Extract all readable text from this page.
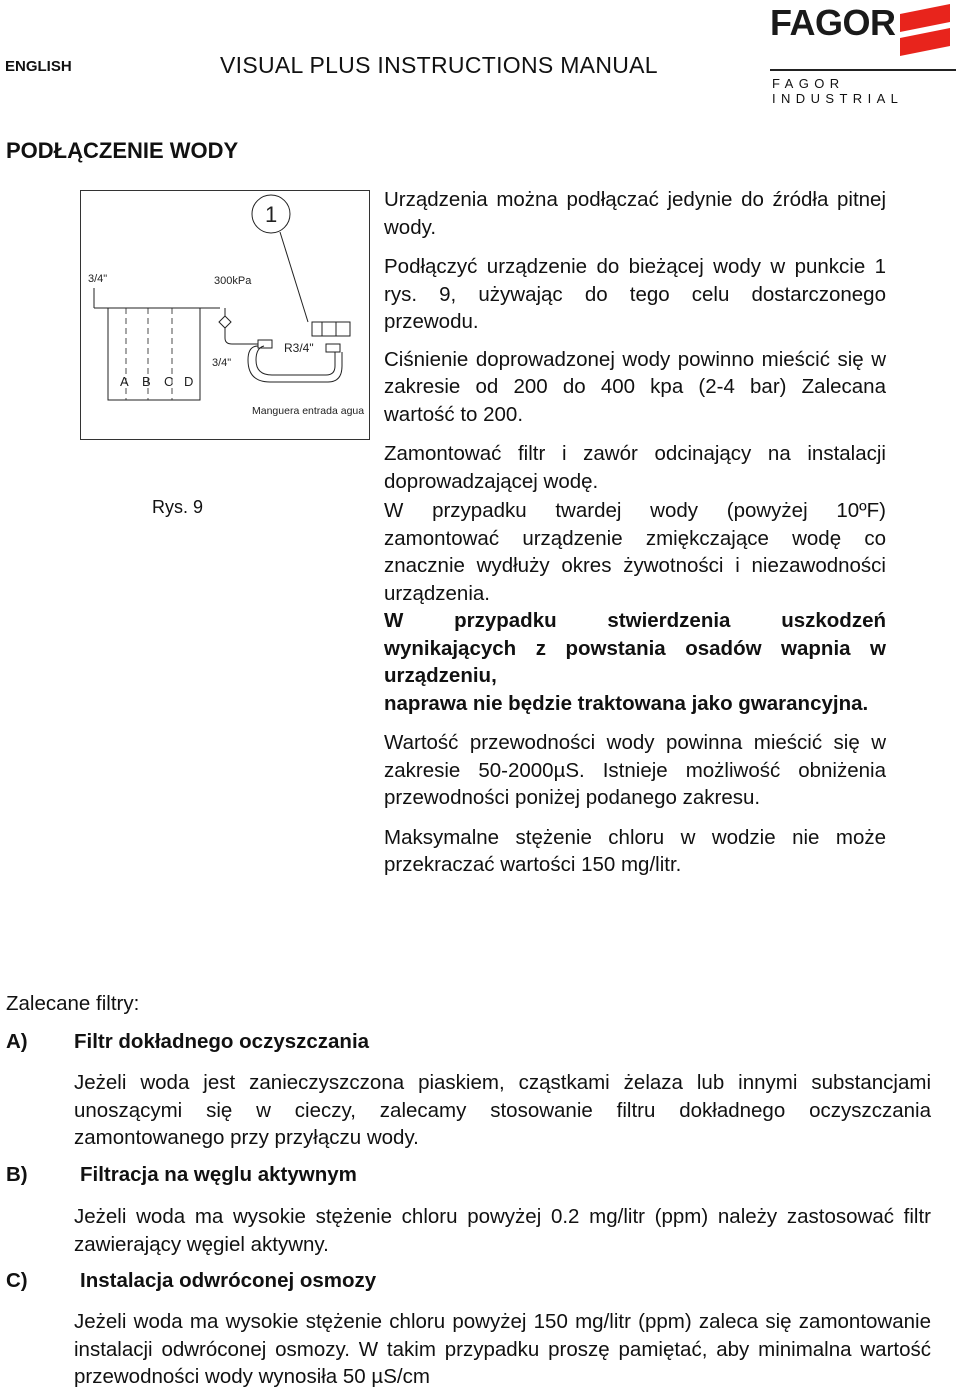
ENGLISH	VISUAL PLUS INSTRUCTIONS MANUAL
FAGOR
FAGOR INDUSTRIAL
PODŁĄCZENIE WODY
3/4"	300kPa
3/4"
R3/4"
Manguera entrada agua
A B C D
1
Rys. 9

Urządzenia można podłączać jedynie do źródła pitnej wody.

Podłączyć urządzenie do bieżącej wody w punkcie 1 rys. 9, używając do tego celu dostarczonego przewodu.

Ciśnienie doprowadzonej wody powinno mieścić się w zakresie od 200 do 400 kpa (2-4 bar) Zalecana wartość to 200.

Zamontować filtr i zawór odcinający na instalacji doprowadzającej wodę.

W przypadku twardej wody (powyżej 10ºF) zamontować urządzenie zmiękczające wodę co znacznie wydłuży okres żywotności i niezawodności urządzenia.

W przypadku stwierdzenia uszkodzeń wynikających z powstania osadów wapnia w urządzeniu,

naprawa nie będzie traktowana jako gwarancyjna.

Wartość przewodności wody powinna mieścić się w zakresie 50-2000µS. Istnieje możliwość obniżenia przewodności poniżej podanego zakresu.

Maksymalne stężenie chloru w wodzie nie może przekraczać wartości 150 mg/litr.

Zalecane filtry:
A) Filtr dokładnego oczyszczania

Jeżeli woda jest zanieczyszczona piaskiem, cząstkami żelaza lub innymi substancjami unoszącymi się w cieczy, zalecamy stosowanie filtru dokładnego oczyszczania zamontowanego przy przyłączu wody.

B)	Filtracja na węglu aktywnym

Jeżeli woda ma wysokie stężenie chloru powyżej 0.2 mg/litr (ppm) należy zastosować filtr zawierający węgiel aktywny.

C)	Instalacja odwróconej osmozy

Jeżeli woda ma wysokie stężenie chloru powyżej 150 mg/litr (ppm) zaleca się zamontowanie instalacji odwróconej osmozy. W takim przypadku proszę pamiętać, aby minimalna wartość przewodności wody wynosiła 50 µS/cm
